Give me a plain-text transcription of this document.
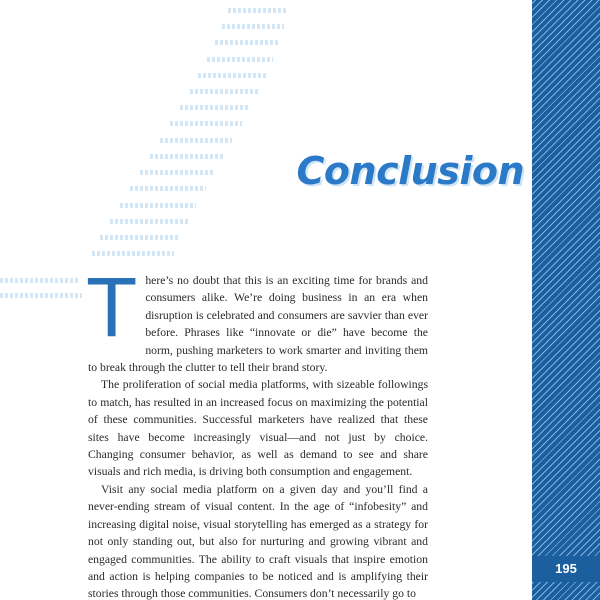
Conclusion

There’s no doubt that this is an exciting time for brands and consumers alike. We’re doing business in an era when disruption is celebrated and consumers are savvier than ever before. Phrases like “innovate or die” have become the norm, pushing marketers to work smarter and inviting them to break through the clutter to tell their brand story.

The proliferation of social media platforms, with sizeable followings to match, has resulted in an increased focus on maximizing the potential of these communities. Successful marketers have realized that these sites have become increasingly visual—and not just by choice. Changing consumer behavior, as well as demand to see and share visuals and rich media, is driving both consumption and engagement.

Visit any social media platform on a given day and you’ll find a never-ending stream of visual content. In the age of “infobesity” and increasing digital noise, visual storytelling has emerged as a strategy for not only standing out, but also for nurturing and growing vibrant and engaged communities. The ability to craft visuals that inspire emotion and action is helping companies to be noticed and is amplifying their stories through those communities. Consumers don’t necessarily go to

195
